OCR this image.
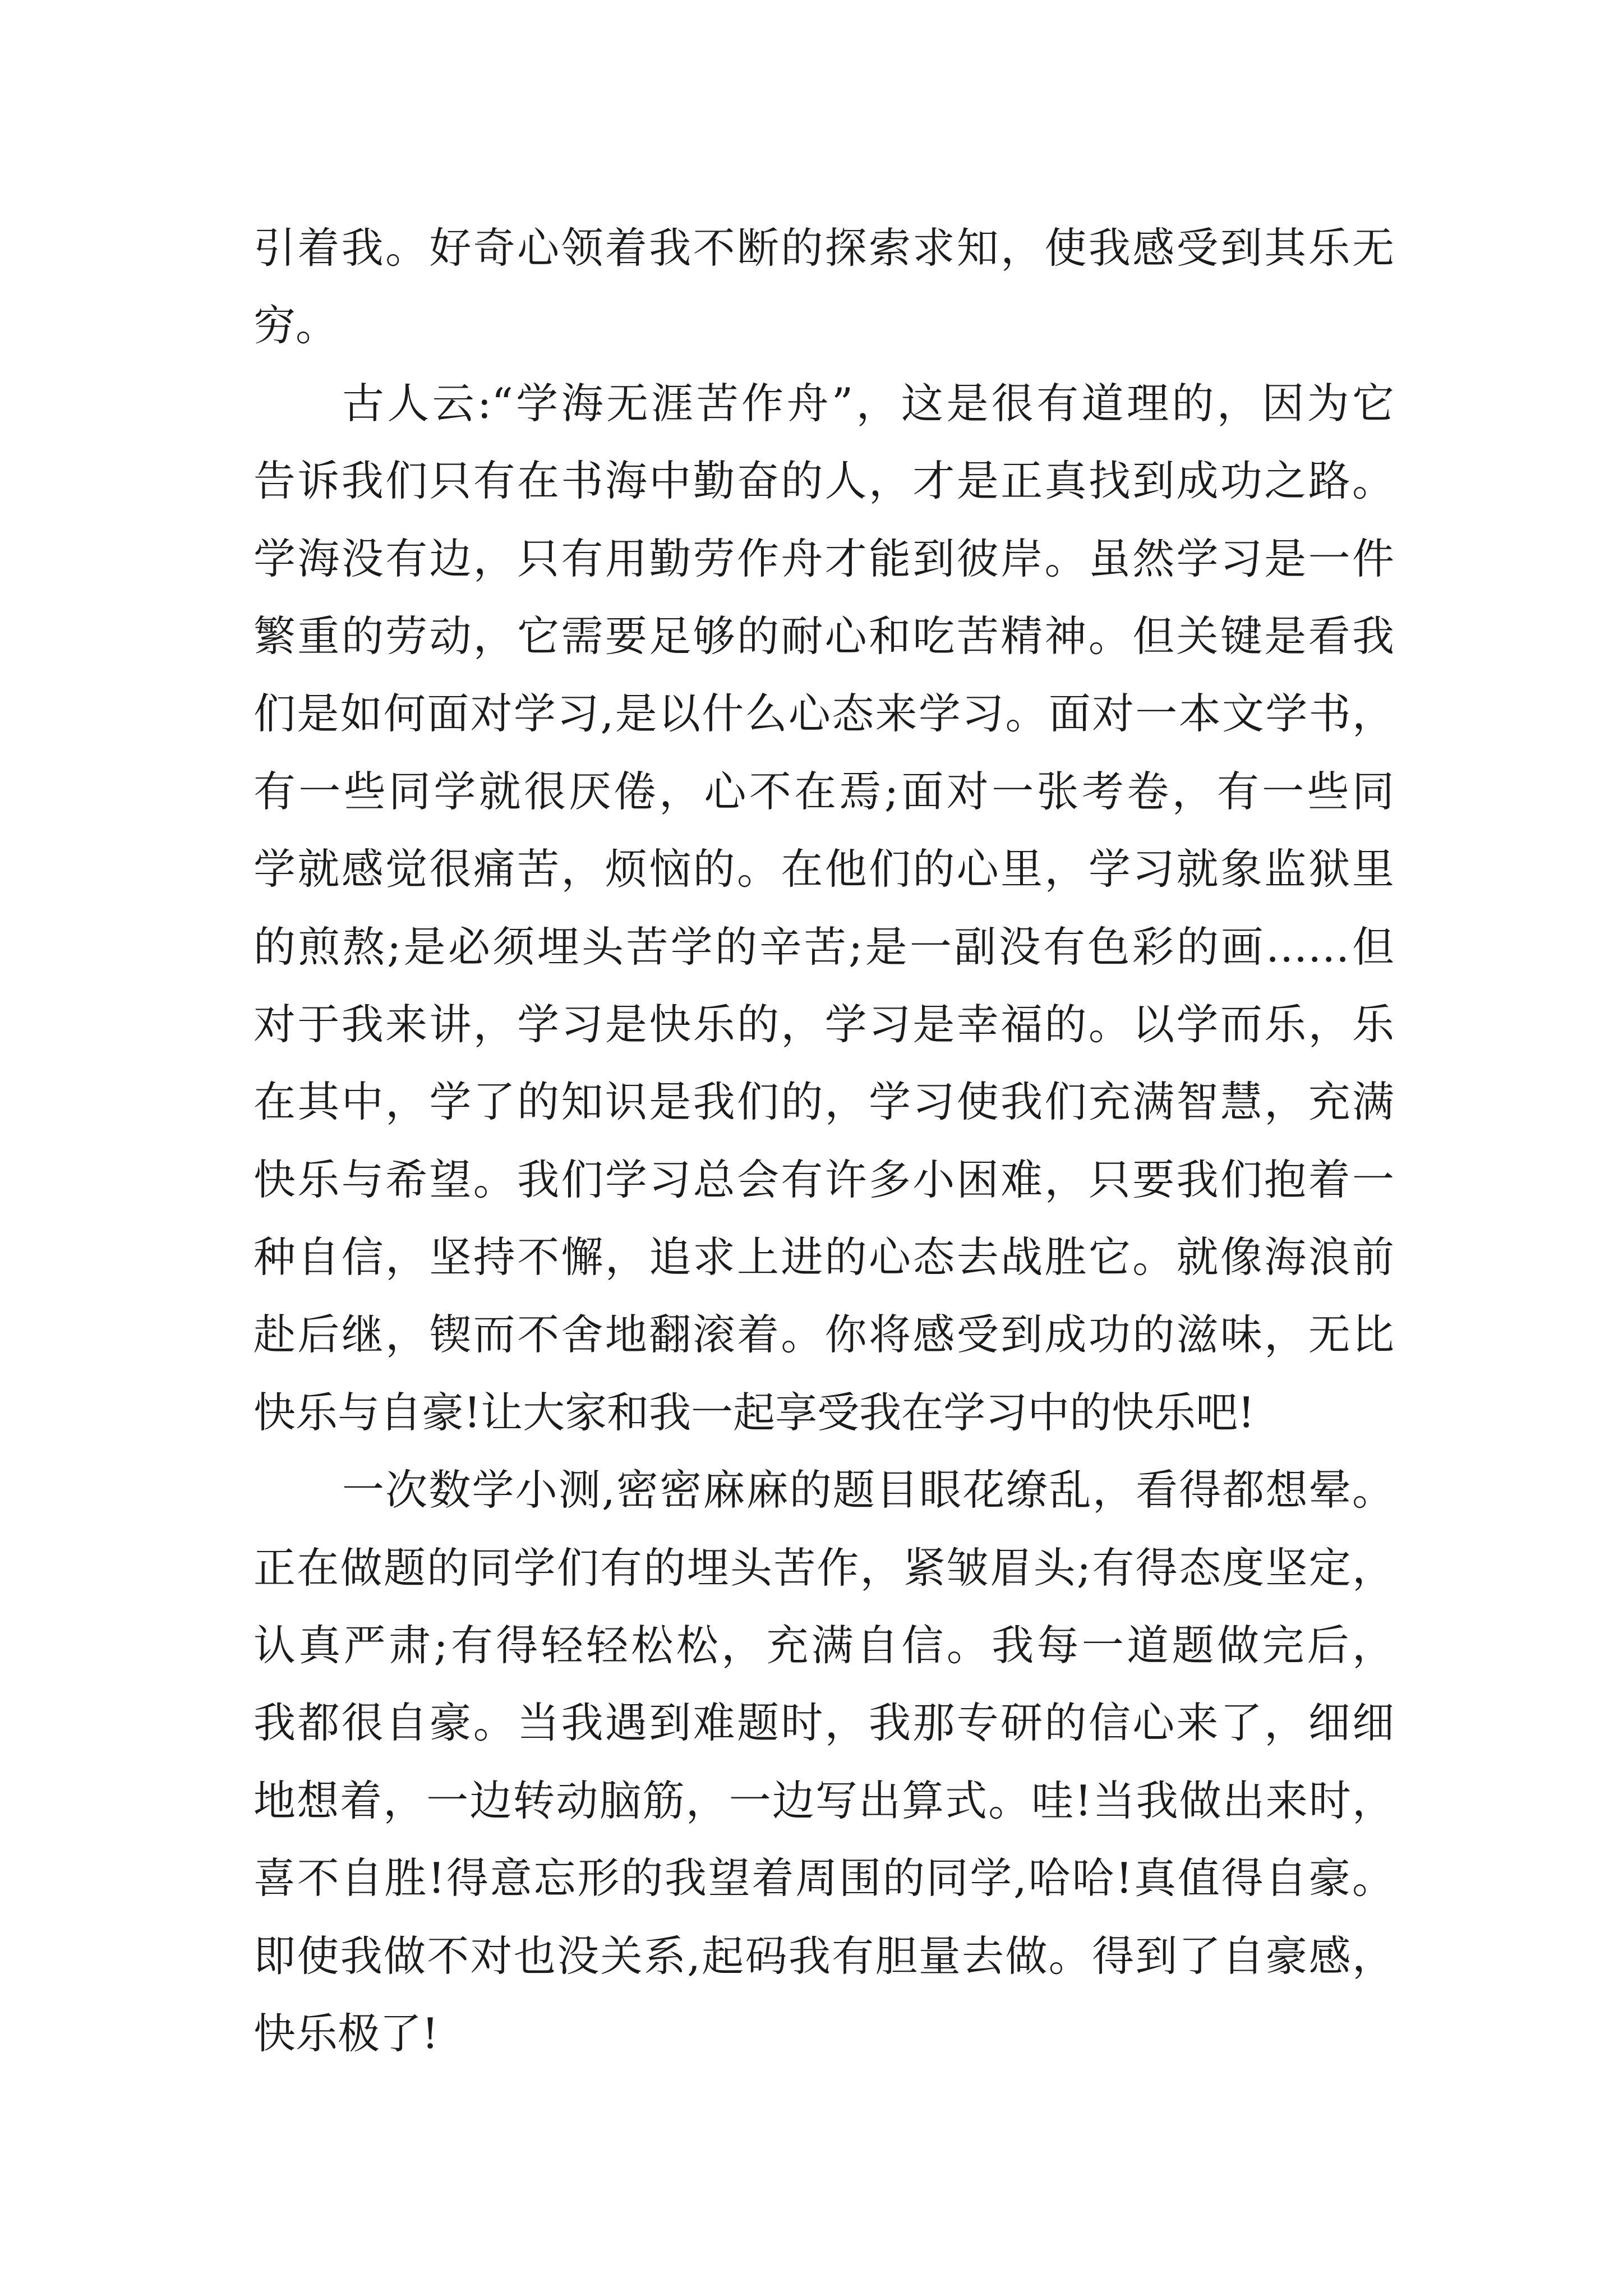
引着我。好奇心领着我不断的探索求知，使我感受到其乐无
穷。
古人云:“学海无涯苦作舟”，这是很有道理的，因为它
告诉我们只有在书海中勤奋的人，才是正真找到成功之路。
学海没有边，只有用勤劳作舟才能到彼岸。虽然学习是一件
繁重的劳动，它需要足够的耐心和吃苦精神。但关键是看我
们是如何面对学习,是以什么心态来学习。面对一本文学书，
有一些同学就很厌倦，心不在焉;面对一张考卷，有一些同
学就感觉很痛苦，烦恼的。在他们的心里，学习就象监狱里
的煎熬;是必须埋头苦学的辛苦;是一副没有色彩的画……但
对于我来讲，学习是快乐的，学习是幸福的。以学而乐，乐
在其中，学了的知识是我们的，学习使我们充满智慧，充满
快乐与希望。我们学习总会有许多小困难，只要我们抱着一
种自信，坚持不懈，追求上进的心态去战胜它。就像海浪前
赴后继，锲而不舍地翻滚着。你将感受到成功的滋味，无比
快乐与自豪!让大家和我一起享受我在学习中的快乐吧!
一次数学小测,密密麻麻的题目眼花缭乱，看得都想晕。
正在做题的同学们有的埋头苦作，紧皱眉头;有得态度坚定，
认真严肃;有得轻轻松松，充满自信。我每一道题做完后，
我都很自豪。当我遇到难题时，我那专研的信心来了，细细
地想着，一边转动脑筋，一边写出算式。哇!当我做出来时，
喜不自胜!得意忘形的我望着周围的同学,哈哈!真值得自豪。
即使我做不对也没关系,起码我有胆量去做。得到了自豪感，
快乐极了!
